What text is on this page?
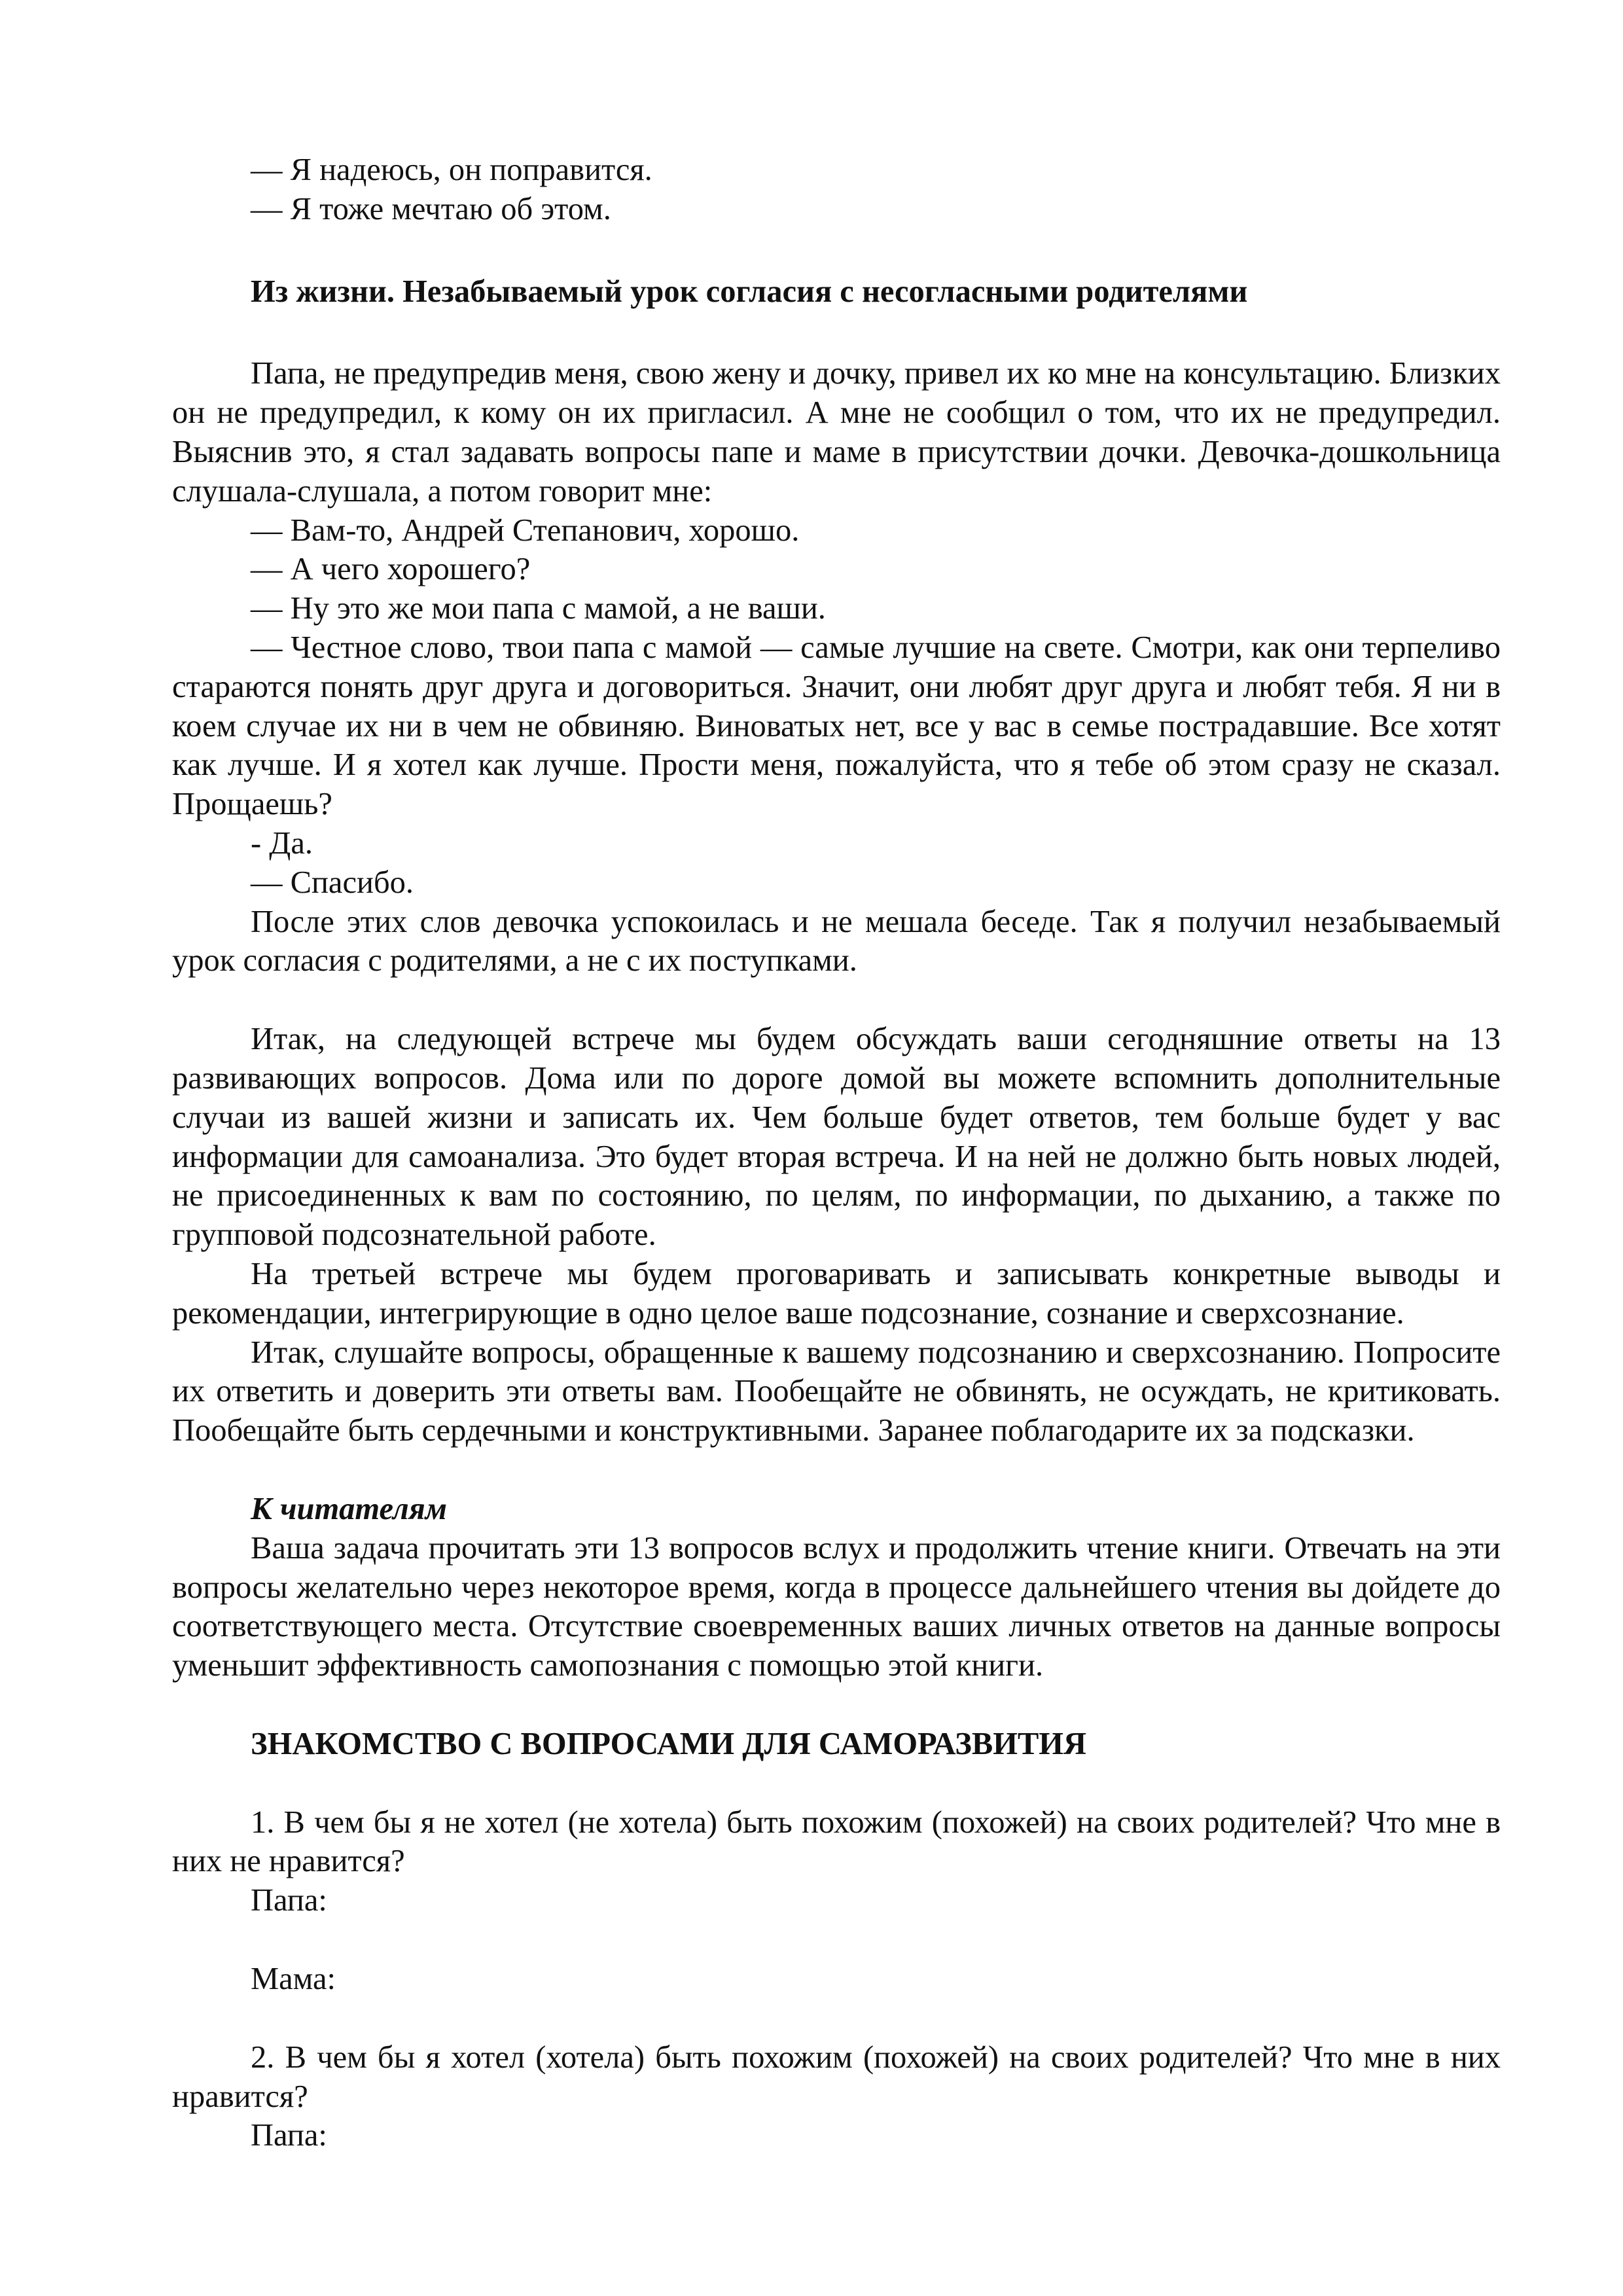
— Я надеюсь, он поправится.

— Я тоже мечтаю об этом.

Из жизни. Незабываемый урок согласия с несогласными родителями

Папа, не предупредив меня, свою жену и дочку, привел их ко мне на консультацию. Близких он не предупредил, к кому он их пригласил. А мне не сообщил о том, что их не предупредил. Выяснив это, я стал задавать вопросы папе и маме в присутствии дочки. Девочка-дошкольница слушала-слушала, а потом говорит мне:

— Вам-то, Андрей Степанович, хорошо.

— А чего хорошего?

— Ну это же мои папа с мамой, а не ваши.

— Честное слово, твои папа с мамой — самые лучшие на свете. Смотри, как они терпеливо стараются понять друг друга и договориться. Значит, они любят друг друга и любят тебя. Я ни в коем случае их ни в чем не обвиняю. Виноватых нет, все у вас в семье пострадавшие. Все хотят как лучше. И я хотел как лучше. Прости меня, пожалуйста, что я тебе об этом сразу не сказал. Прощаешь?

- Да.

— Спасибо.

После этих слов девочка успокоилась и не мешала беседе. Так я получил незабываемый урок согласия с родителями, а не с их поступками.

Итак, на следующей встрече мы будем обсуждать ваши сегодняшние ответы на 13 развивающих вопросов. Дома или по дороге домой вы можете вспомнить дополнительные случаи из вашей жизни и записать их. Чем больше будет ответов, тем больше будет у вас информации для самоанализа. Это будет вторая встреча. И на ней не должно быть новых людей, не присоединенных к вам по состоянию, по целям, по информации, по дыханию, а также по групповой подсознательной работе.

На третьей встрече мы будем проговаривать и записывать конкретные выводы и рекомендации, интегрирующие в одно целое ваше подсознание, сознание и сверхсознание.

Итак, слушайте вопросы, обращенные к вашему подсознанию и сверхсознанию. Попросите их ответить и доверить эти ответы вам. Пообещайте не обвинять, не осуждать, не критиковать. Пообещайте быть сердечными и конструктивными. Заранее поблагодарите их за подсказки.

К читателям

Ваша задача прочитать эти 13 вопросов вслух и продолжить чтение книги. Отвечать на эти вопросы желательно через некоторое время, когда в процессе дальнейшего чтения вы дойдете до соответствующего места. Отсутствие своевременных ваших личных ответов на данные вопросы уменьшит эффективность самопознания с помощью этой книги.

ЗНАКОМСТВО С ВОПРОСАМИ ДЛЯ САМОРАЗВИТИЯ

1. В чем бы я не хотел (не хотела) быть похожим (похожей) на своих родителей? Что мне в них не нравится?

Папа:

Мама:

2. В чем бы я хотел (хотела) быть похожим (похожей) на своих родителей? Что мне в них нравится?

Папа:
